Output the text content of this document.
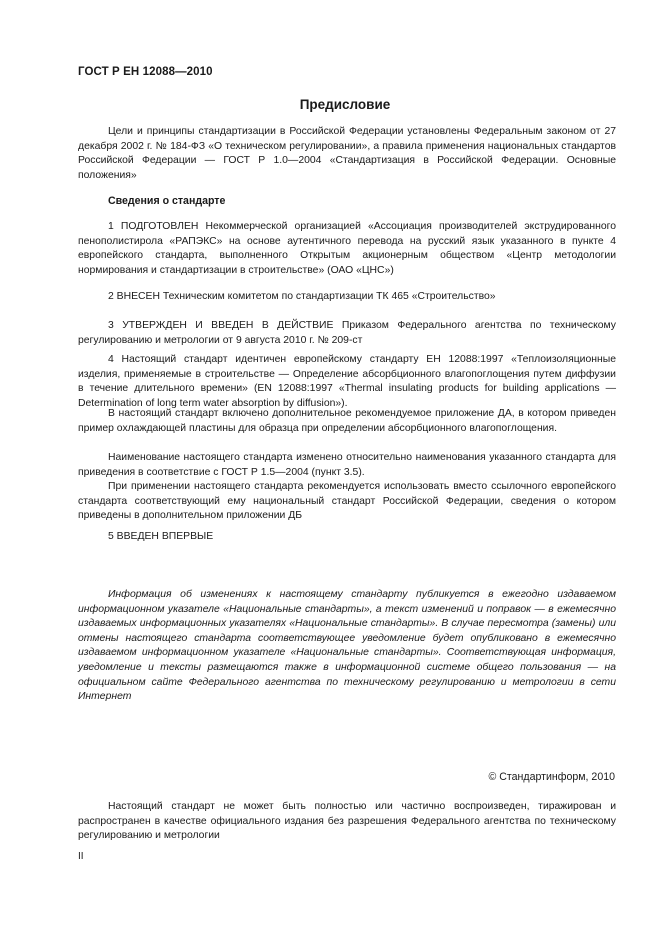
ГОСТ Р ЕН 12088—2010
Предисловие
Цели и принципы стандартизации в Российской Федерации установлены Федеральным законом от 27 декабря 2002 г. № 184-ФЗ «О техническом регулировании», а правила применения национальных стандартов Российской Федерации — ГОСТ Р 1.0—2004 «Стандартизация в Российской Федерации. Основные положения»
Сведения о стандарте
1 ПОДГОТОВЛЕН Некоммерческой организацией «Ассоциация производителей экструдированного пенополистирола «РАПЭКС» на основе аутентичного перевода на русский язык указанного в пункте 4 европейского стандарта, выполненного Открытым акционерным обществом «Центр методологии нормирования и стандартизации в строительстве» (ОАО «ЦНС»)
2 ВНЕСЕН Техническим комитетом по стандартизации ТК 465 «Строительство»
3 УТВЕРЖДЕН И ВВЕДЕН В ДЕЙСТВИЕ Приказом Федерального агентства по техническому регулированию и метрологии от 9 августа 2010 г. № 209-ст
4 Настоящий стандарт идентичен европейскому стандарту ЕН 12088:1997 «Теплоизоляционные изделия, применяемые в строительстве — Определение абсорбционного влагопоглощения путем диффузии в течение длительного времени» (EN 12088:1997 «Thermal insulating products for building applications — Determination of long term water absorption by diffusion»).
В настоящий стандарт включено дополнительное рекомендуемое приложение ДА, в котором приведен пример охлаждающей пластины для образца при определении абсорбционного влагопоглощения.
Наименование настоящего стандарта изменено относительно наименования указанного стандарта для приведения в соответствие с ГОСТ Р 1.5—2004 (пункт 3.5).
При применении настоящего стандарта рекомендуется использовать вместо ссылочного европейского стандарта соответствующий ему национальный стандарт Российской Федерации, сведения о котором приведены в дополнительном приложении ДБ
5 ВВЕДЕН ВПЕРВЫЕ
Информация об изменениях к настоящему стандарту публикуется в ежегодно издаваемом информационном указателе «Национальные стандарты», а текст изменений и поправок — в ежемесячно издаваемых информационных указателях «Национальные стандарты». В случае пересмотра (замены) или отмены настоящего стандарта соответствующее уведомление будет опубликовано в ежемесячно издаваемом информационном указателе «Национальные стандарты». Соответствующая информация, уведомление и тексты размещаются также в информационной системе общего пользования — на официальном сайте Федерального агентства по техническому регулированию и метрологии в сети Интернет
© Стандартинформ, 2010
Настоящий стандарт не может быть полностью или частично воспроизведен, тиражирован и распространен в качестве официального издания без разрешения Федерального агентства по техническому регулированию и метрологии
II
